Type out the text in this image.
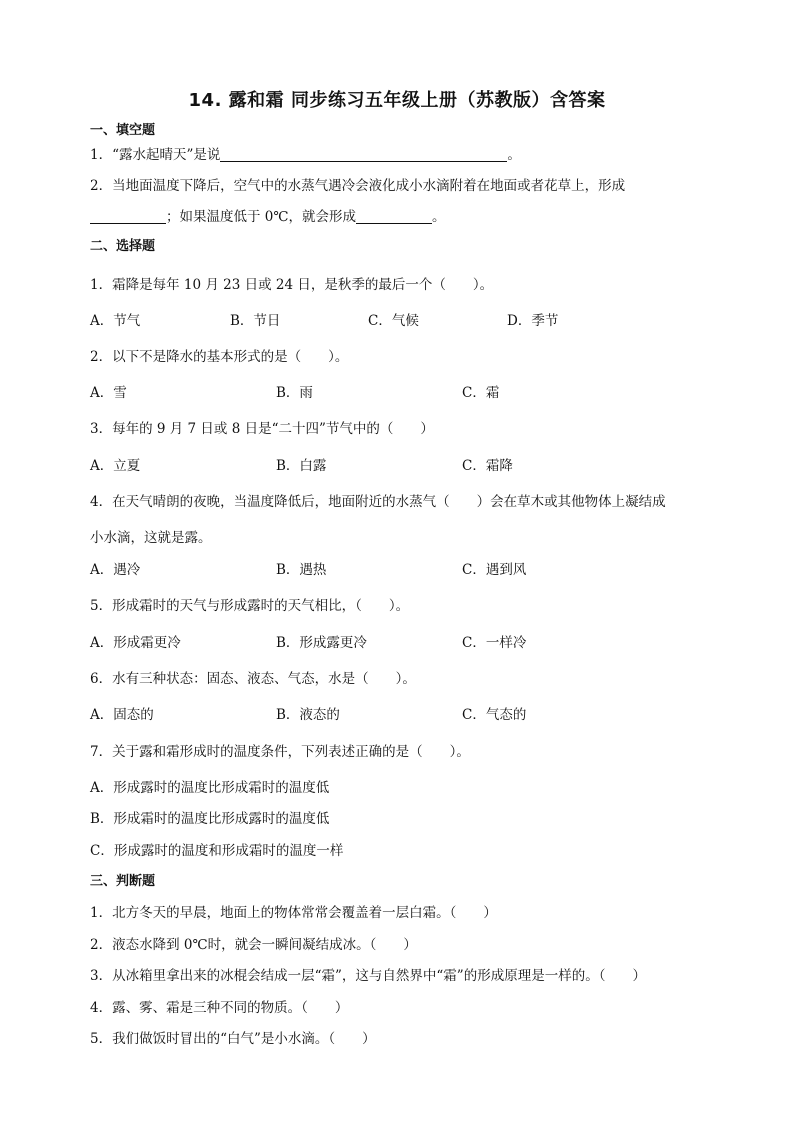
14. 露和霜 同步练习五年级上册（苏教版）含答案
一、填空题
1．“露水起晴天”是说	。
2．当地面温度下降后，空气中的水蒸气遇冷会液化成小水滴附着在地面或者花草上，形成
；如果温度低于 0℃，就会形成	。
二、选择题
1．霜降是每年 10 月 23 日或 24 日，是秋季的最后一个（　　）。
A．节气	B．节日	C．气候	D．季节
2．以下不是降水的基本形式的是（　　）。
A．雪	B．雨	C．霜
3．每年的 9 月 7 日或 8 日是“二十四”节气中的（　　）
A．立夏	B．白露	C．霜降
4．在天气晴朗的夜晚，当温度降低后，地面附近的水蒸气（　　）会在草木或其他物体上凝结成
小水滴，这就是露。
A．遇冷	B．遇热	C．遇到风
5．形成霜时的天气与形成露时的天气相比，（　　）。
A．形成霜更冷	B．形成露更冷	C．一样冷
6．水有三种状态：固态、液态、气态，水是（　　）。
A．固态的	B．液态的	C．气态的
7．关于露和霜形成时的温度条件，下列表述正确的是（　　）。
A．形成露时的温度比形成霜时的温度低
B．形成霜时的温度比形成露时的温度低
C．形成露时的温度和形成霜时的温度一样
三、判断题
1．北方冬天的早晨，地面上的物体常常会覆盖着一层白霜。（　　）
2．液态水降到 0℃时，就会一瞬间凝结成冰。（　　）
3．从冰箱里拿出来的冰棍会结成一层“霜”，这与自然界中“霜”的形成原理是一样的。（　　）
4．露、雾、霜是三种不同的物质。（　　）
5．我们做饭时冒出的“白气”是小水滴。（　　）
